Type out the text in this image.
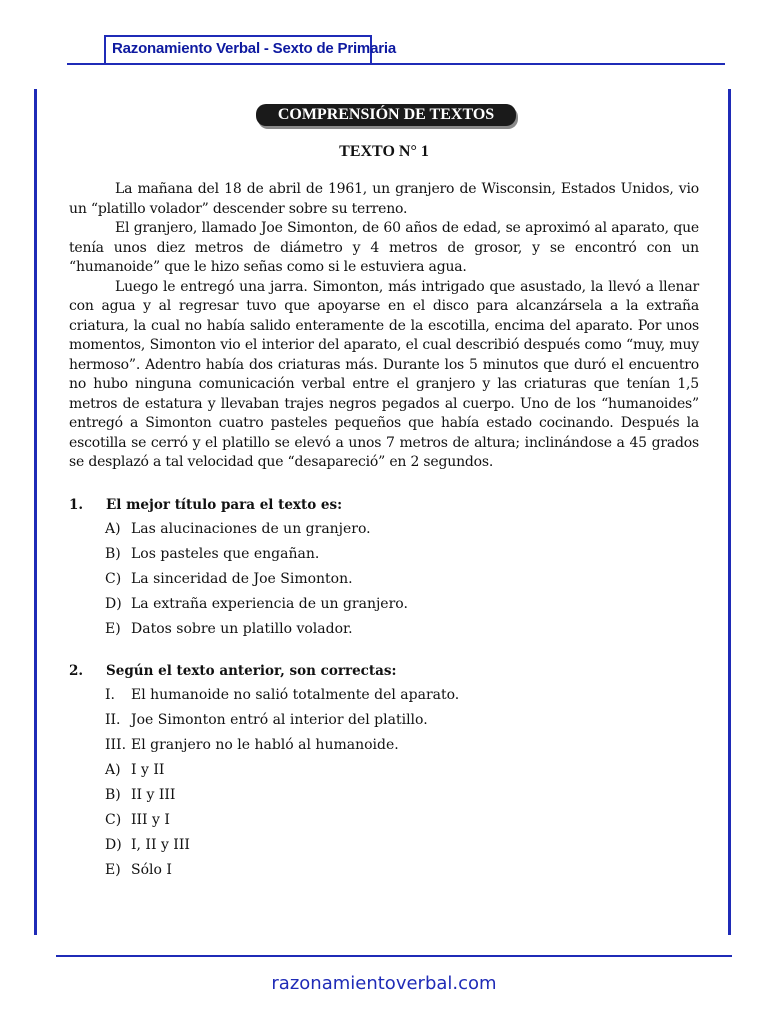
Razonamiento Verbal - Sexto de Primaria
COMPRENSIÓN DE TEXTOS
TEXTO N° 1

La mañana del 18 de abril de 1961, un granjero de Wisconsin, Estados Unidos, vio un “platillo volador” descender sobre su terreno.

El granjero, llamado Joe Simonton, de 60 años de edad, se aproximó al aparato, que tenía unos diez metros de diámetro y 4 metros de grosor, y se encontró con un “humanoide” que le hizo señas como si le estuviera agua.

Luego le entregó una jarra. Simonton, más intrigado que asustado, la llevó a llenar con agua y al regresar tuvo que apoyarse en el disco para alcanzársela a la extraña criatura, la cual no había salido enteramente de la escotilla, encima del aparato. Por unos momentos, Simonton vio el interior del aparato, el cual describió después como “muy, muy hermoso”. Adentro había dos criaturas más. Durante los 5 minutos que duró el encuentro no hubo ninguna comunicación verbal entre el granjero y las criaturas que tenían 1,5 metros de estatura y llevaban trajes negros pegados al cuerpo. Uno de los “humanoides” entregó a Simonton cuatro pasteles pequeños que había estado cocinando. Después la escotilla se cerró y el platillo se elevó a unos 7 metros de altura; inclinándose a 45 grados se desplazó a tal velocidad que “desapareció” en 2 segundos.

1.	El mejor título para el texto es:
A) Las alucinaciones de un granjero.
B) Los pasteles que engañan.
C) La sinceridad de Joe Simonton.
D) La extraña experiencia de un granjero.
E) Datos sobre un platillo volador.
2.	Según el texto anterior, son correctas:
I.	El humanoide no salió totalmente del aparato.
II. Joe Simonton entró al interior del platillo.
III. El granjero no le habló al humanoide.
A) I y II
B) II y III
C) III y I
D) I, II y III
E) Sólo I
razonamientoverbal.com
